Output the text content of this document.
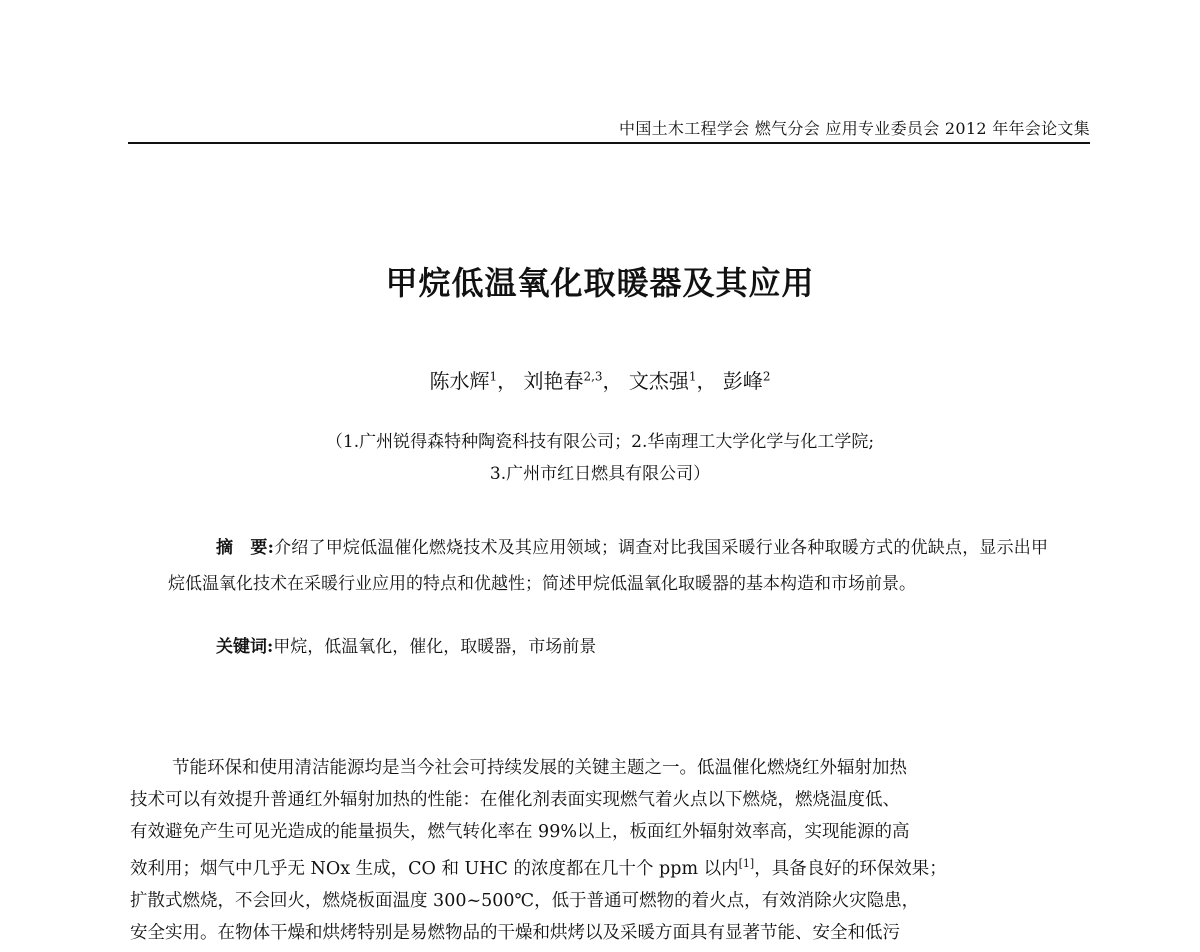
中国土木工程学会 燃气分会 应用专业委员会 2012 年年会论文集
甲烷低温氧化取暖器及其应用
陈水辉$^1$， 刘艳春$^{2,3}$， 文杰强$^1$， 彭峰$^2$
（1.广州锐得森特种陶瓷科技有限公司；2.华南理工大学化学与化工学院;
3.广州市红日燃具有限公司）
摘　要:介绍了甲烷低温催化燃烧技术及其应用领域；调查对比我国采暖行业各种取暖方式的优缺点，显示出甲烷低温氧化技术在采暖行业应用的特点和优越性；简述甲烷低温氧化取暖器的基本构造和市场前景。
关键词:甲烷，低温氧化，催化，取暖器，市场前景
节能环保和使用清洁能源均是当今社会可持续发展的关键主题之一。低温催化燃烧红外辐射加热
技术可以有效提升普通红外辐射加热的性能：在催化剂表面实现燃气着火点以下燃烧，燃烧温度低、
有效避免产生可见光造成的能量损失，燃气转化率在 99%以上，板面红外辐射效率高，实现能源的高
效利用；烟气中几乎无 NOx 生成，CO 和 UHC 的浓度都在几十个 ppm 以内[1]，具备良好的环保效果；
扩散式燃烧，不会回火，燃烧板面温度 300~500℃，低于普通可燃物的着火点，有效消除火灾隐患，
安全实用。在物体干燥和烘烤特别是易燃物品的干燥和烘烤以及采暖方面具有显著节能、安全和低污
